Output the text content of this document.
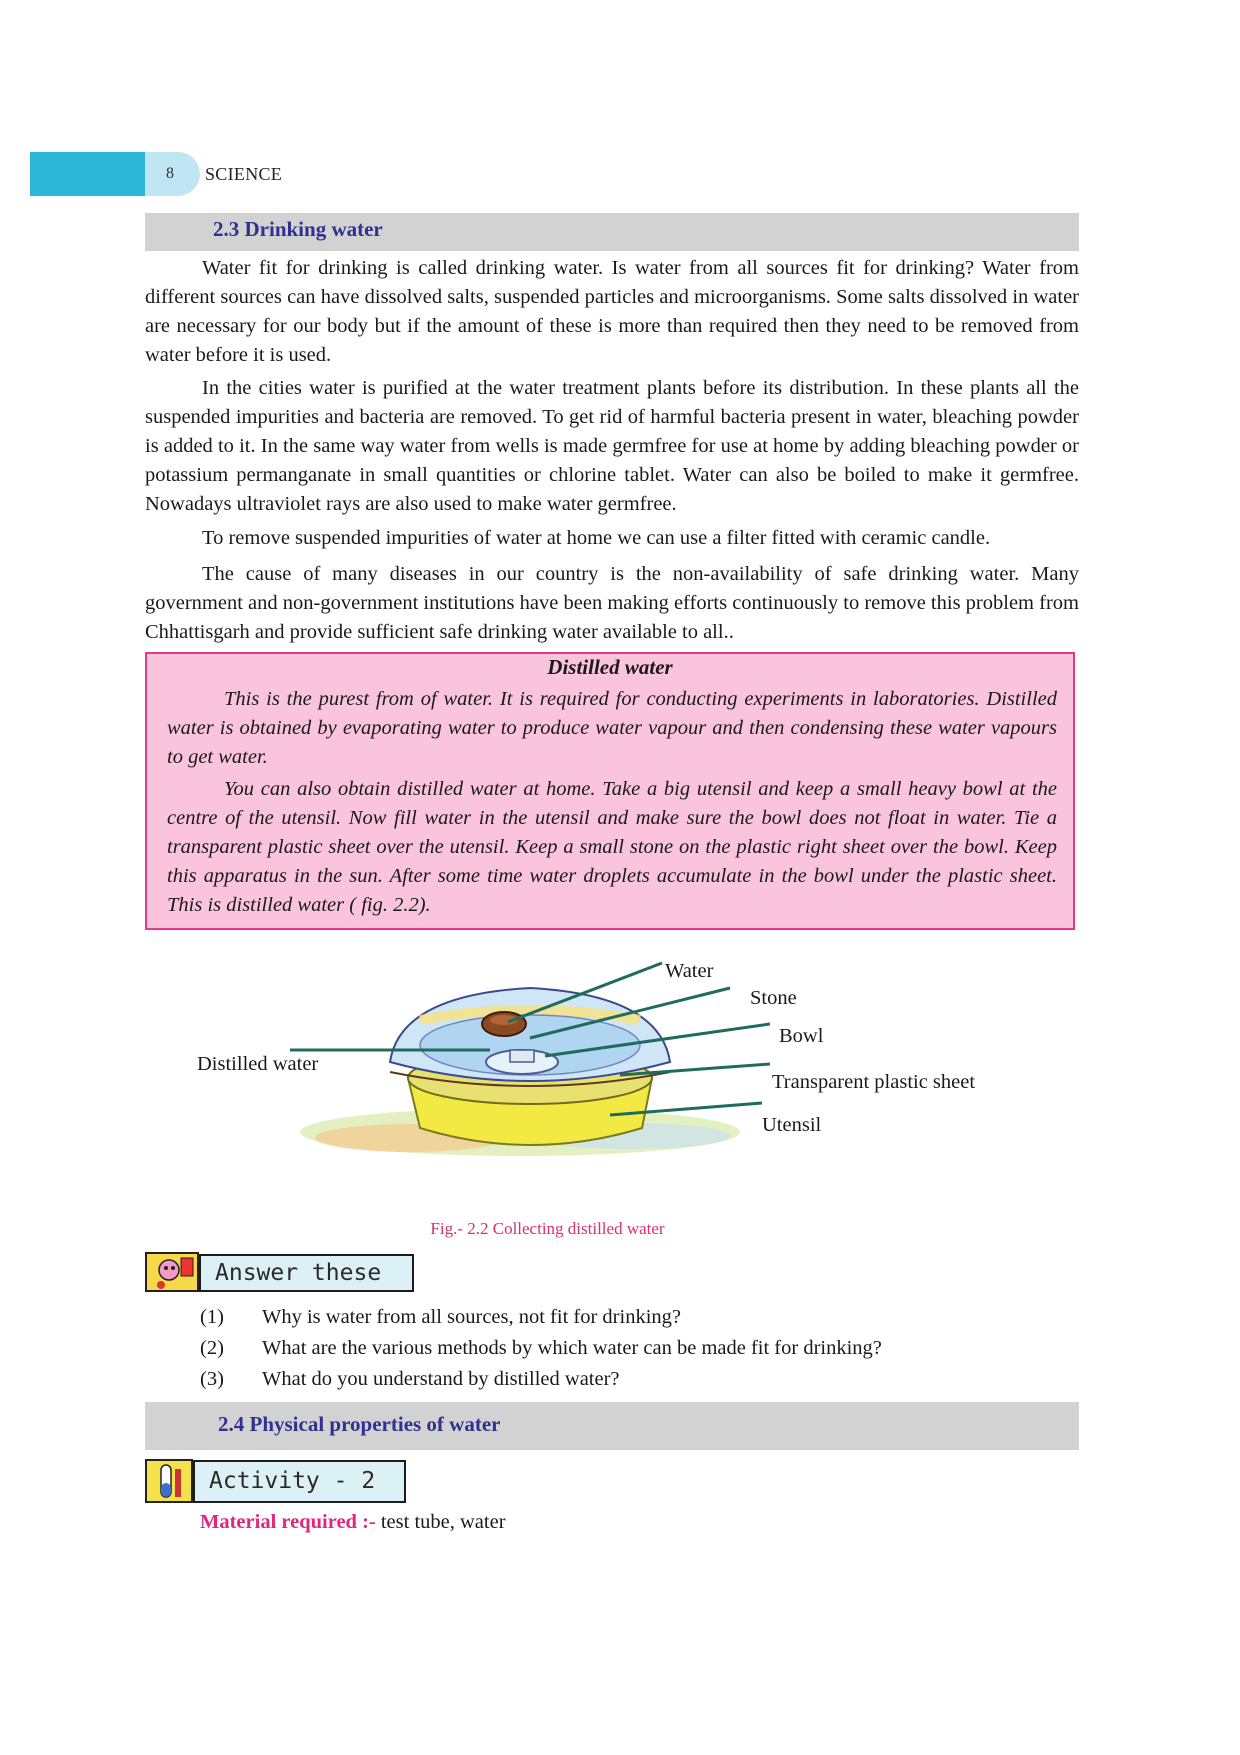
8	SCIENCE
2.3 Drinking water
Water fit for drinking is called drinking water. Is water from all sources fit for drinking? Water from different sources can have dissolved salts, suspended particles and microorganisms. Some salts dissolved in water are necessary for our body but if the amount of these is more than required then they need to be removed from water before it is used.
In the cities water is purified at the water treatment plants before its distribution. In these plants all the suspended impurities and bacteria are removed. To get rid of harmful bacteria present in water, bleaching powder is added to it. In the same way water from wells is made germfree for use at home by adding bleaching powder or potassium permanganate in small quantities or chlorine tablet. Water can also be boiled to make it germfree. Nowadays ultraviolet rays are also used to make water germfree.
To remove suspended impurities of water at home we can use a filter fitted with ceramic candle.
The cause of many diseases in our country is the non-availability of safe drinking water. Many government and non-government institutions have been making efforts continuously to remove this problem from Chhattisgarh and provide sufficient safe drinking water available to all..
Distilled water
This is the purest from of water. It is required for conducting experiments in laboratories. Distilled water is obtained by evaporating water to produce water vapour and then condensing these water vapours to get water.
You can also obtain distilled water at home. Take a big utensil and keep a small heavy bowl at the centre of the utensil. Now fill water in the utensil and make sure the bowl does not float in water. Tie a transparent plastic sheet over the utensil. Keep a small stone on the plastic right sheet over the bowl. Keep this apparatus in the sun. After some time water droplets accumulate in the bowl under the plastic sheet. This is distilled water ( fig. 2.2).
Water
Stone
Bowl
Distilled water
Transparent plastic sheet
Utensil
Fig.- 2.2 Collecting distilled water
Answer these
(1) Why is water from all sources, not fit for drinking?
(2) What are the various methods by which water can be made fit for drinking?
(3) What do you understand by distilled water?
2.4 Physical properties of water
Activity - 2
Material required :- test tube, water
